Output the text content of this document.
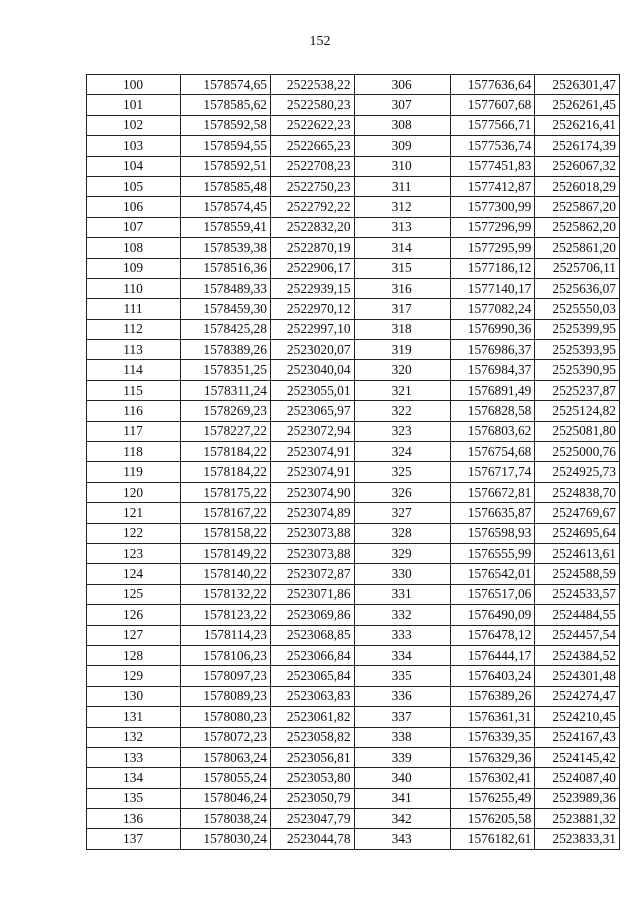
152
100	1578574,65	2522538,22	306	1577636,64	2526301,47
101	1578585,62	2522580,23	307	1577607,68	2526261,45
102	1578592,58	2522622,23	308	1577566,71	2526216,41
103	1578594,55	2522665,23	309	1577536,74	2526174,39
104	1578592,51	2522708,23	310	1577451,83	2526067,32
105	1578585,48	2522750,23	311	1577412,87	2526018,29
106	1578574,45	2522792,22	312	1577300,99	2525867,20
107	1578559,41	2522832,20	313	1577296,99	2525862,20
108	1578539,38	2522870,19	314	1577295,99	2525861,20
109	1578516,36	2522906,17	315	1577186,12	2525706,11
110	1578489,33	2522939,15	316	1577140,17	2525636,07
111	1578459,30	2522970,12	317	1577082,24	2525550,03
112	1578425,28	2522997,10	318	1576990,36	2525399,95
113	1578389,26	2523020,07	319	1576986,37	2525393,95
114	1578351,25	2523040,04	320	1576984,37	2525390,95
115	1578311,24	2523055,01	321	1576891,49	2525237,87
116	1578269,23	2523065,97	322	1576828,58	2525124,82
117	1578227,22	2523072,94	323	1576803,62	2525081,80
118	1578184,22	2523074,91	324	1576754,68	2525000,76
119	1578184,22	2523074,91	325	1576717,74	2524925,73
120	1578175,22	2523074,90	326	1576672,81	2524838,70
121	1578167,22	2523074,89	327	1576635,87	2524769,67
122	1578158,22	2523073,88	328	1576598,93	2524695,64
123	1578149,22	2523073,88	329	1576555,99	2524613,61
124	1578140,22	2523072,87	330	1576542,01	2524588,59
125	1578132,22	2523071,86	331	1576517,06	2524533,57
126	1578123,22	2523069,86	332	1576490,09	2524484,55
127	1578114,23	2523068,85	333	1576478,12	2524457,54
128	1578106,23	2523066,84	334	1576444,17	2524384,52
129	1578097,23	2523065,84	335	1576403,24	2524301,48
130	1578089,23	2523063,83	336	1576389,26	2524274,47
131	1578080,23	2523061,82	337	1576361,31	2524210,45
132	1578072,23	2523058,82	338	1576339,35	2524167,43
133	1578063,24	2523056,81	339	1576329,36	2524145,42
134	1578055,24	2523053,80	340	1576302,41	2524087,40
135	1578046,24	2523050,79	341	1576255,49	2523989,36
136	1578038,24	2523047,79	342	1576205,58	2523881,32
137	1578030,24	2523044,78	343	1576182,61	2523833,31
